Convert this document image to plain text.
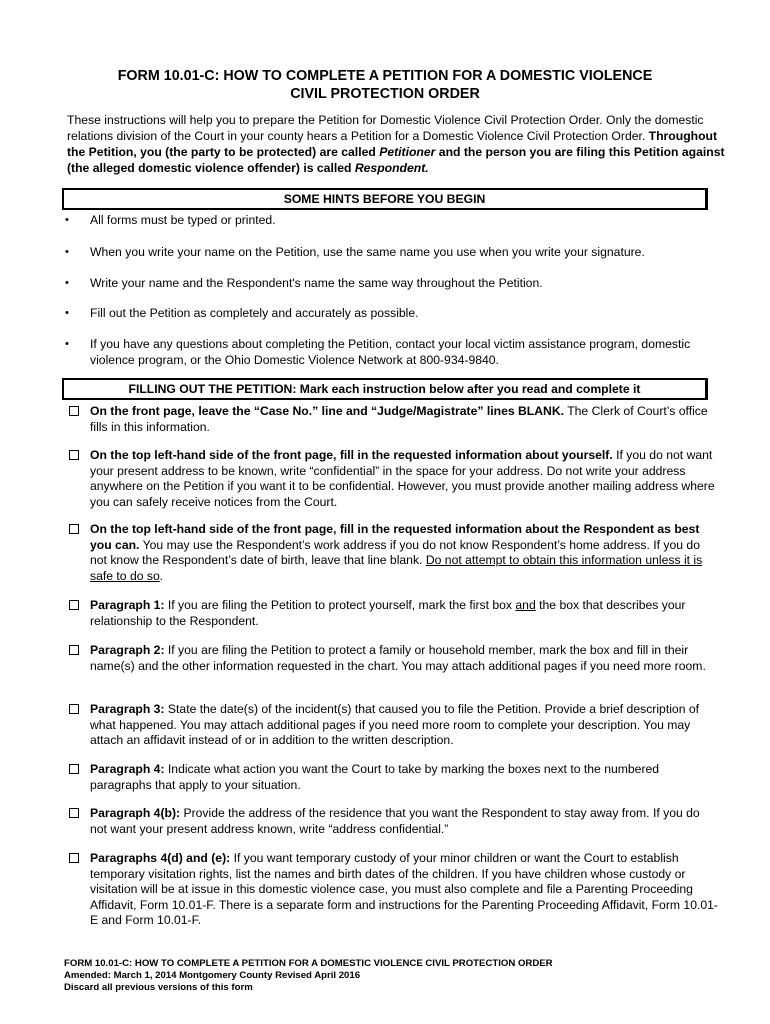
FORM 10.01-C: HOW TO COMPLETE A PETITION FOR A DOMESTIC VIOLENCE
CIVIL PROTECTION ORDER
These instructions will help you to prepare the Petition for Domestic Violence Civil Protection Order. Only the domestic relations division of the Court in your county hears a Petition for a Domestic Violence Civil Protection Order. Throughout the Petition, you (the party to be protected) are called Petitioner and the person you are filing this Petition against (the alleged domestic violence offender) is called Respondent.
SOME HINTS BEFORE YOU BEGIN
• All forms must be typed or printed.
• When you write your name on the Petition, use the same name you use when you write your signature.
• Write your name and the Respondent's name the same way throughout the Petition.
• Fill out the Petition as completely and accurately as possible.
• If you have any questions about completing the Petition, contact your local victim assistance program, domestic violence program, or the Ohio Domestic Violence Network at 800-934-9840.
FILLING OUT THE PETITION: Mark each instruction below after you read and complete it
On the front page, leave the “Case No.” line and “Judge/Magistrate” lines BLANK. The Clerk of Court’s office fills in this information.
On the top left-hand side of the front page, fill in the requested information about yourself. If you do not want your present address to be known, write “confidential” in the space for your address. Do not write your address anywhere on the Petition if you want it to be confidential. However, you must provide another mailing address where you can safely receive notices from the Court.
On the top left-hand side of the front page, fill in the requested information about the Respondent as best you can. You may use the Respondent’s work address if you do not know Respondent’s home address. If you do not know the Respondent’s date of birth, leave that line blank. Do not attempt to obtain this information unless it is safe to do so.
Paragraph 1: If you are filing the Petition to protect yourself, mark the first box and the box that describes your relationship to the Respondent.
Paragraph 2: If you are filing the Petition to protect a family or household member, mark the box and fill in their name(s) and the other information requested in the chart. You may attach additional pages if you need more room.
Paragraph 3: State the date(s) of the incident(s) that caused you to file the Petition. Provide a brief description of what happened. You may attach additional pages if you need more room to complete your description. You may attach an affidavit instead of or in addition to the written description.
Paragraph 4: Indicate what action you want the Court to take by marking the boxes next to the numbered paragraphs that apply to your situation.
Paragraph 4(b): Provide the address of the residence that you want the Respondent to stay away from. If you do not want your present address known, write “address confidential.”
Paragraphs 4(d) and (e): If you want temporary custody of your minor children or want the Court to establish temporary visitation rights, list the names and birth dates of the children. If you have children whose custody or visitation will be at issue in this domestic violence case, you must also complete and file a Parenting Proceeding Affidavit, Form 10.01-F. There is a separate form and instructions for the Parenting Proceeding Affidavit, Form 10.01-E and Form 10.01-F.
FORM 10.01-C: HOW TO COMPLETE A PETITION FOR A DOMESTIC VIOLENCE CIVIL PROTECTION ORDER
Amended: March 1, 2014 Montgomery County Revised April 2016
Discard all previous versions of this form
